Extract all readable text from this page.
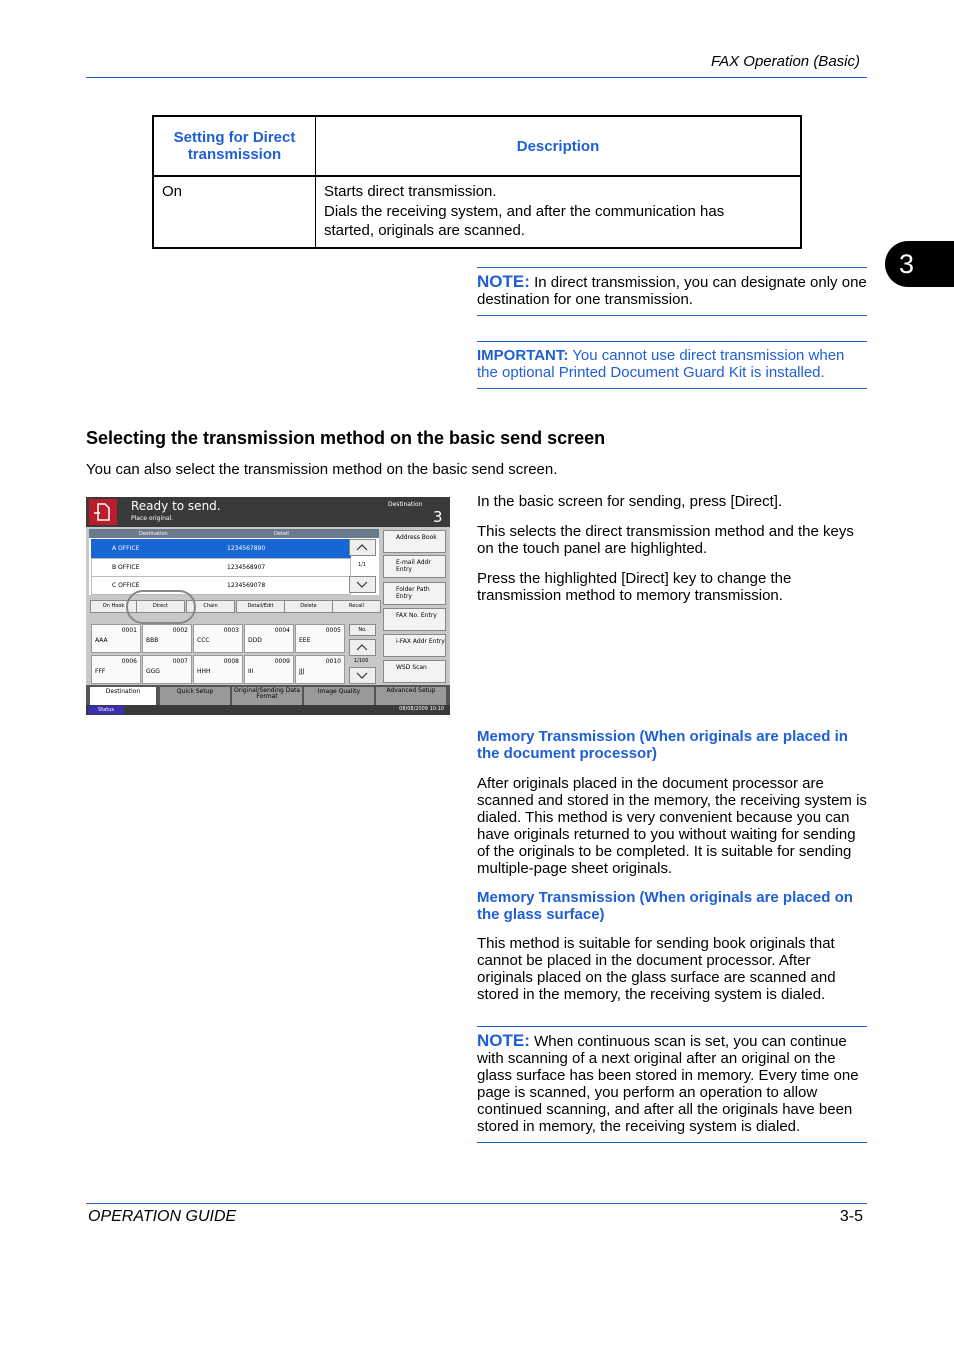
FAX Operation (Basic)
3
Setting for Direct transmission	Description
On	Starts direct transmission.
Dials the receiving system, and after the communication has
started, originals are scanned.
NOTE: In direct transmission, you can designate only one destination for one transmission.
IMPORTANT: You cannot use direct transmission when the optional Printed Document Guard Kit is installed.
Selecting the transmission method on the basic send screen
You can also select the transmission method on the basic send screen.
In the basic screen for sending, press [Direct].
This selects the direct transmission method and the keys on the touch panel are highlighted.
Press the highlighted [Direct] key to change the transmission method to memory transmission.
Ready to send.
Place original.
Destination
3
Destination	Detail
A OFFICE	1234567890
B OFFICE	1234568907
C OFFICE	1234569078
1/1
On Hook	Direct	Chain	Detail/Edit	Delete	Recall
0001
AAA
0002
BBB
0003
CCC
0004
DDD
0005
EEE
0006
FFF
0007
GGG
0008
HHH
0009
III
0010
JJJ
No.
1/100
Address Book
E-mail Addr Entry
Folder Path Entry
FAX No. Entry
i-FAX Addr Entry
WSD Scan
Destination	Quick Setup	Original/Sending Data Format
Image Quality	Advanced Setup
Status	08/08/2009 10:10
Memory Transmission (When originals are placed in the document processor)
After originals placed in the document processor are scanned and stored in the memory, the receiving system is dialed. This method is very convenient because you can have originals returned to you without waiting for sending of the originals to be completed. It is suitable for sending multiple-page sheet originals.
Memory Transmission (When originals are placed on the glass surface)
This method is suitable for sending book originals that cannot be placed in the document processor. After originals placed on the glass surface are scanned and stored in the memory, the receiving system is dialed.
NOTE: When continuous scan is set, you can continue with scanning of a next original after an original on the glass surface has been stored in memory. Every time one page is scanned, you perform an operation to allow continued scanning, and after all the originals have been stored in memory, the receiving system is dialed.
OPERATION GUIDE	3-5
